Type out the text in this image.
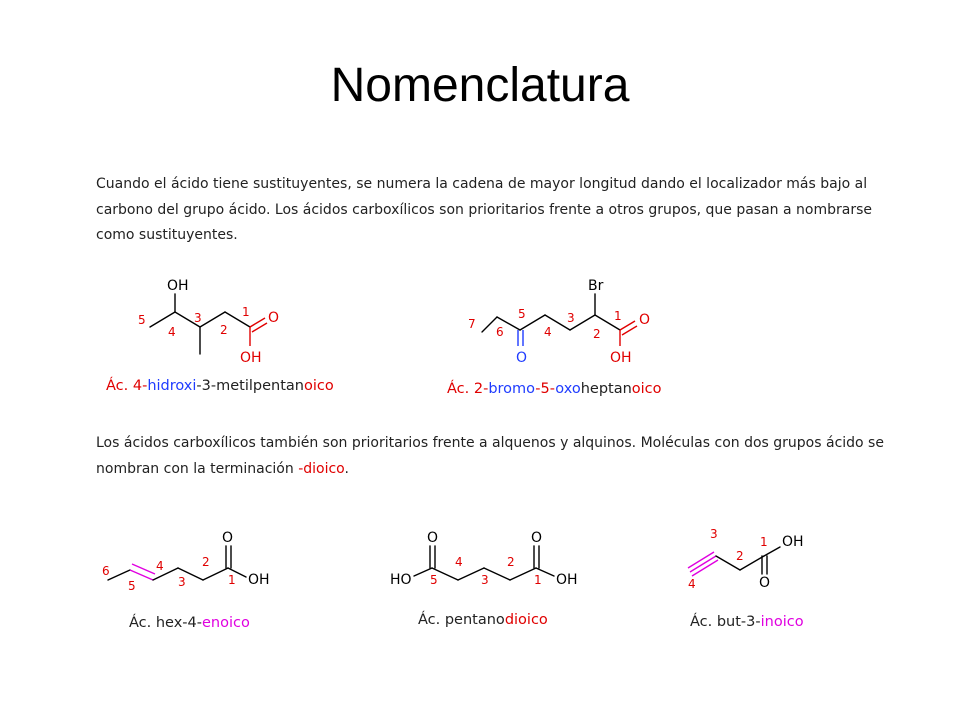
Nomenclatura
Cuando el ácido tiene sustituyentes, se numera la cadena de mayor longitud dando el localizador más bajo al carbono del grupo ácido. Los ácidos carboxílicos son prioritarios frente a otros grupos, que pasan a nombrarse como sustituyentes.
OH
O
OH
1
2
3
4
5
Ác. 4-hidroxi-3-metilpentanoico
Br
O
OH
O
1
2
3
4
5
6
7
Ác. 2-bromo-5-oxoheptanoico
Los ácidos carboxílicos también son prioritarios frente a alquenos y alquinos. Moléculas con dos grupos ácido se nombran con la terminación -dioico.
O
OH
1
2
3
4
5
6
Ác. hex-4-enoico
O	O
HO	OH
1
2
3
4
5
Ác. pentanodioico
OH
O
1
2
3
4
Ác. but-3-inoico
